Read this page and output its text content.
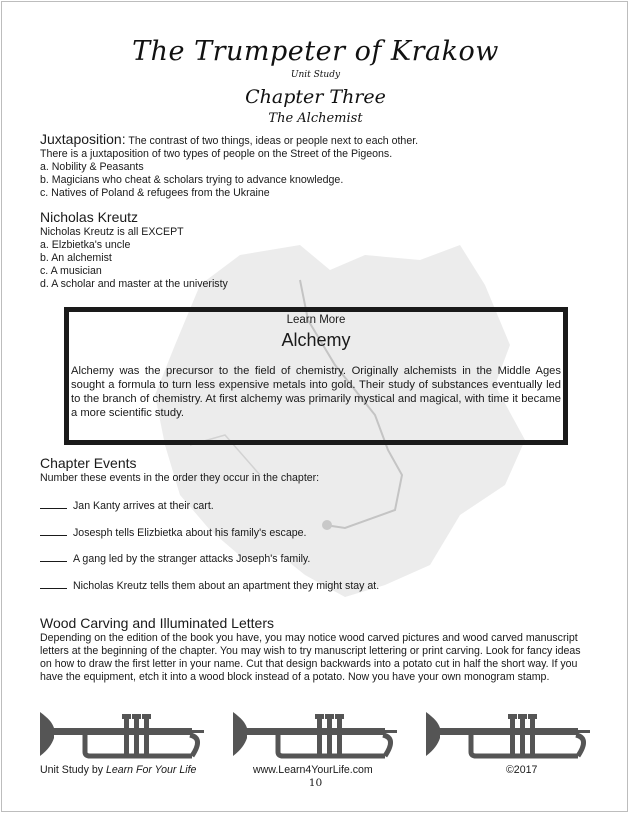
The Trumpeter of Krakow
Unit Study
Chapter Three
The Alchemist

Juxtaposition: The contrast of two things, ideas or people next to each other.

There is a juxtaposition of two types of people on the Street of the Pigeons.

a. Nobility & Peasants

b. Magicians who cheat & scholars trying to advance knowledge.

c. Natives of Poland & refugees from the Ukraine

Nicholas Kreutz

Nicholas Kreutz is all EXCEPT

a. Elzbietka's uncle

b. An alchemist

c. A musician

d. A scholar and master at the univeristy

Learn More
Alchemy
Alchemy was the precursor to the field of chemistry. Originally alchemists in the Middle Ages sought a formula to turn less expensive metals into gold. Their study of substances eventually led to the branch of chemistry. At first alchemy was primarily mystical and magical, with time it became a more scientific study.

Chapter Events

Number these events in the order they occur in the chapter:

Jan Kanty arrives at their cart.
Josesph tells Elizbietka about his family's escape.
A gang led by the stranger attacks Joseph's family.
Nicholas Kreutz tells them about an apartment they might stay at.

Wood Carving and Illuminated Letters

Depending on the edition of the book you have, you may notice wood carved pictures and wood carved manuscript letters at the beginning of the chapter. You may wish to try manuscript lettering or print carving. Look for fancy ideas on how to draw the first letter in your name. Cut that design backwards into a potato cut in half the short way. If you have the equipment, etch it into a wood block instead of a potato. Now you have your own monogram stamp.

Unit Study by Learn For Your Life	www.Learn4YourLife.com	©2017
10
